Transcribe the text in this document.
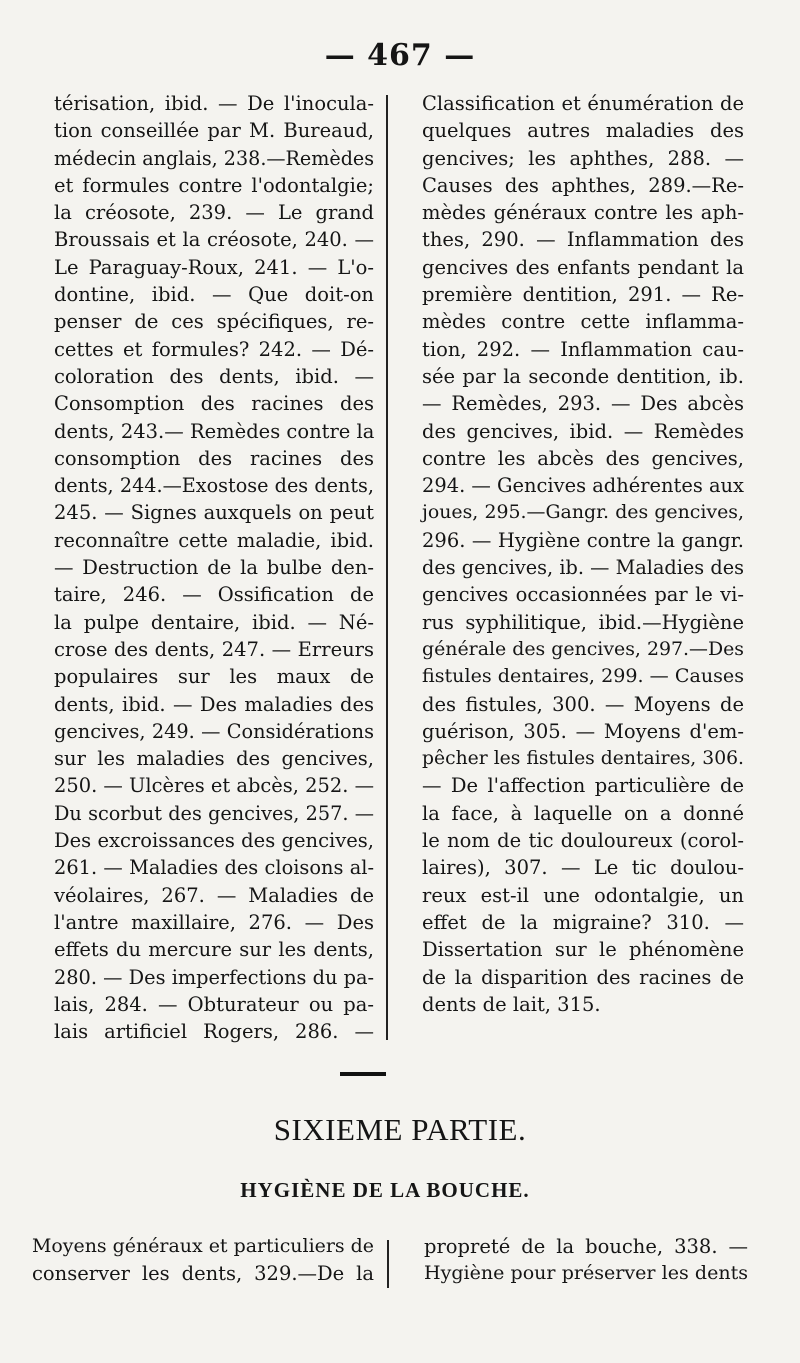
— 467 —
térisation, ibid. — De l'inocula-
tion conseillée par M. Bureaud,
médecin anglais, 238.—Remèdes
et formules contre l'odontalgie;
la créosote, 239. — Le grand
Broussais et la créosote, 240. —
Le Paraguay-Roux, 241. — L'o-
dontine, ibid. — Que doit-on
penser de ces spécifiques, re-
cettes et formules? 242. — Dé-
coloration des dents, ibid. —
Consomption des racines des
dents, 243.— Remèdes contre la
consomption des racines des
dents, 244.—Exostose des dents,
245. — Signes auxquels on peut
reconnaître cette maladie, ibid.
— Destruction de la bulbe den-
taire, 246. — Ossification de
la pulpe dentaire, ibid. — Né-
crose des dents, 247. — Erreurs
populaires sur les maux de
dents, ibid. — Des maladies des
gencives, 249. — Considérations
sur les maladies des gencives,
250. — Ulcères et abcès, 252. —
Du scorbut des gencives, 257. —
Des excroissances des gencives,
261. — Maladies des cloisons al-
véolaires, 267. — Maladies de
l'antre maxillaire, 276. — Des
effets du mercure sur les dents,
280. — Des imperfections du pa-
lais, 284. — Obturateur ou pa-
lais artificiel Rogers, 286. —
Classification et énumération de
quelques autres maladies des
gencives; les aphthes, 288. —
Causes des aphthes, 289.—Re-
mèdes généraux contre les aph-
thes, 290. — Inflammation des
gencives des enfants pendant la
première dentition, 291. — Re-
mèdes contre cette inflamma-
tion, 292. — Inflammation cau-
sée par la seconde dentition, ib.
— Remèdes, 293. — Des abcès
des gencives, ibid. — Remèdes
contre les abcès des gencives,
294. — Gencives adhérentes aux
joues, 295.—Gangr. des gencives,
296. — Hygiène contre la gangr.
des gencives, ib. — Maladies des
gencives occasionnées par le vi-
rus syphilitique, ibid.—Hygiène
générale des gencives, 297.—Des
fistules dentaires, 299. — Causes
des fistules, 300. — Moyens de
guérison, 305. — Moyens d'em-
pêcher les fistules dentaires, 306.
— De l'affection particulière de
la face, à laquelle on a donné
le nom de tic douloureux (corol-
laires), 307. — Le tic doulou-
reux est-il une odontalgie, un
effet de la migraine? 310. —
Dissertation sur le phénomène
de la disparition des racines de
dents de lait, 315.
SIXIEME PARTIE.
HYGIÈNE DE LA BOUCHE.
Moyens généraux et particuliers de
conserver les dents, 329.—De la
propreté de la bouche, 338. —
Hygiène pour préserver les dents
